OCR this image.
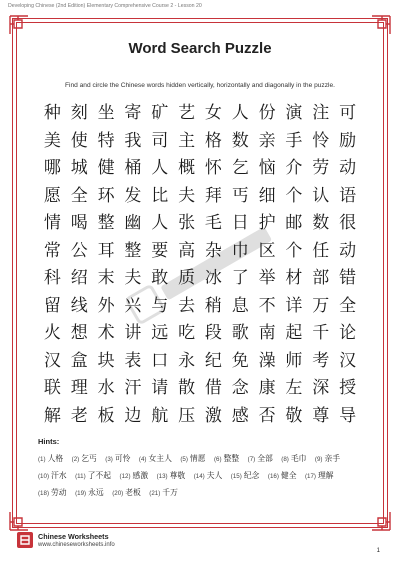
Developing Chinese (2nd Edition) Elementary Comprehensive Course 2 - Lesson 20
Word Search Puzzle
Find and circle the Chinese words hidden vertically, horizontally and diagonally in the puzzle.
种 刻 坐 寄 矿 艺 女 人 份 演 注 可
美 使 特 我 司 主 格 数 亲 手 怜 励
哪 城 健 桶 人 概 怀 乞 恼 介 劳 动
愿 全 环 发 比 夫 拜 丐 细 个 认 语
情 喝 整 幽 人 张 毛 日 护 邮 数 很
常 公 耳 整 要 高 杂 巾 区 个 任 动
科 绍 末 夫 敢 质 冰 了 举 材 部 错
留 线 外 兴 与 去 稍 息 不 详 万 全
火 想 术 讲 远 吃 段 歌 南 起 千 论
汉 盒 块 表 口 永 纪 免 澡 师 考 汉
联 理 水 汗 请 散 借 念 康 左 深 授
解 老 板 边 航 压 激 感 否 敬 尊 导
Hints:
(1) 人格 (2) 乞丐 (3) 可怜 (4) 女主人 (5) 情愿 (6) 整整 (7) 全部 (8) 毛巾 (9) 亲手 (10) 汗水 (11) 了不起 (12) 感激 (13) 尊敬 (14) 夫人 (15) 纪念 (16) 健全 (17) 理解 (18) 劳动 (19) 永远 (20) 老板 (21) 千万
Chinese Worksheets
www.chineseworksheets.info
1
